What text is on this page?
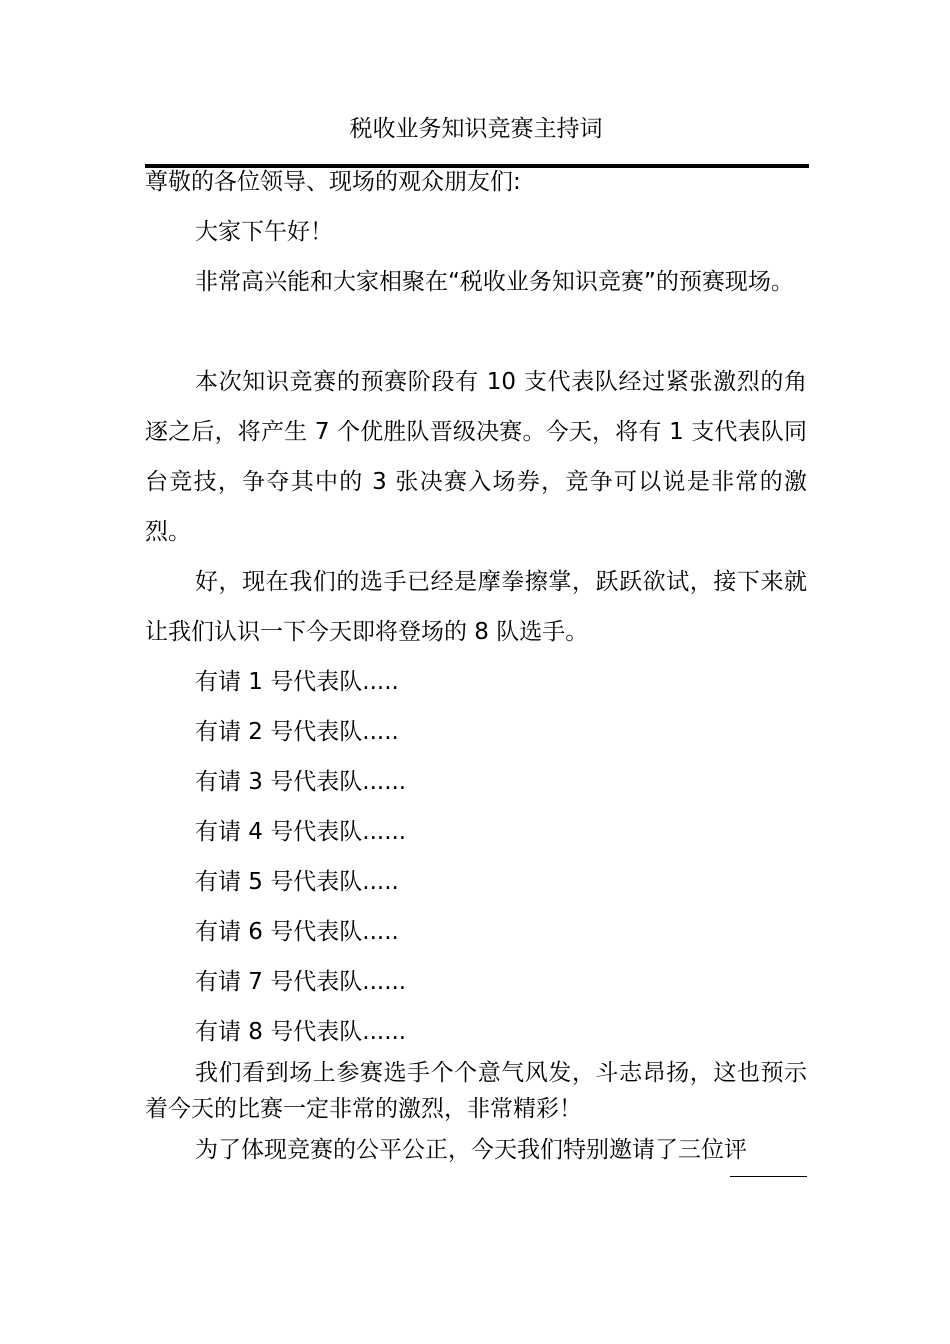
税收业务知识竞赛主持词

尊敬的各位领导、现场的观众朋友们:

大家下午好！

非常高兴能和大家相聚在“税收业务知识竞赛”的预赛现场。

本次知识竞赛的预赛阶段有 10 支代表队经过紧张激烈的角逐之后，将产生 7 个优胜队晋级决赛。今天，将有 1 支代表队同台竞技，争夺其中的 3 张决赛入场券，竞争可以说是非常的激烈。

好，现在我们的选手已经是摩拳擦掌，跃跃欲试，接下来就让我们认识一下今天即将登场的 8 队选手。

有请 1 号代表队.....

有请 2 号代表队.....

有请 3 号代表队......

有请 4 号代表队......

有请 5 号代表队.....

有请 6 号代表队.....

有请 7 号代表队......

有请 8 号代表队......

我们看到场上参赛选手个个意气风发，斗志昂扬，这也预示着今天的比赛一定非常的激烈，非常精彩！

为了体现竞赛的公平公正，今天我们特别邀请了三位评
